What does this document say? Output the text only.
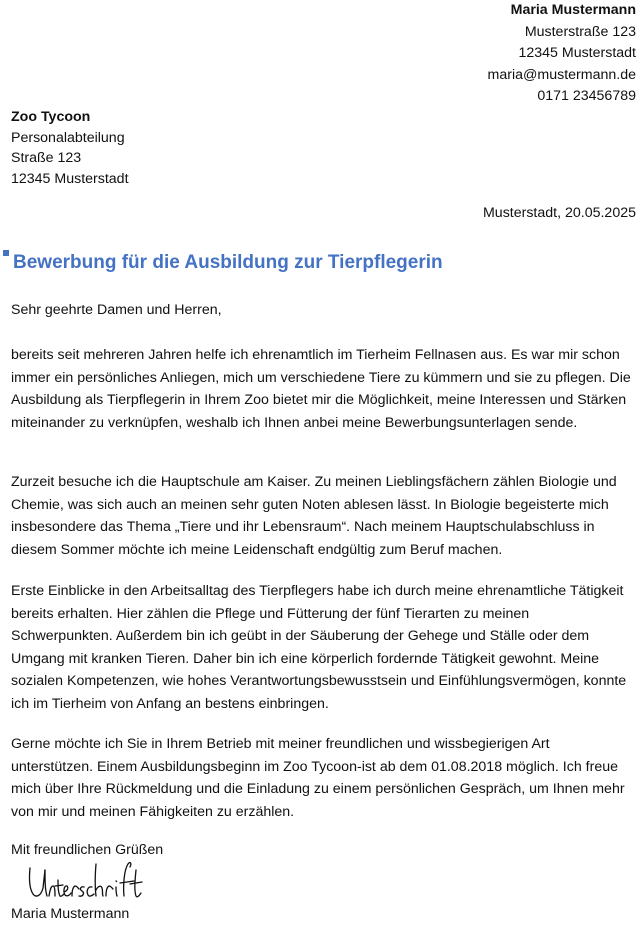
Maria Mustermann
Musterstraße 123
12345 Musterstadt
maria@mustermann.de
0171 23456789
Zoo Tycoon
Personalabteilung
Straße 123
12345 Musterstadt
Musterstadt, 20.05.2025
Bewerbung für die Ausbildung zur Tierpflegerin
Sehr geehrte Damen und Herren,
bereits seit mehreren Jahren helfe ich ehrenamtlich im Tierheim Fellnasen aus. Es war mir schon immer ein persönliches Anliegen, mich um verschiedene Tiere zu kümmern und sie zu pflegen. Die Ausbildung als Tierpflegerin in Ihrem Zoo bietet mir die Möglichkeit, meine Interessen und Stärken miteinander zu verknüpfen, weshalb ich Ihnen anbei meine Bewerbungsunterlagen sende.
Zurzeit besuche ich die Hauptschule am Kaiser. Zu meinen Lieblingsfächern zählen Biologie und Chemie, was sich auch an meinen sehr guten Noten ablesen lässt. In Biologie begeisterte mich insbesondere das Thema „Tiere und ihr Lebensraum“. Nach meinem Hauptschulabschluss in diesem Sommer möchte ich meine Leidenschaft endgültig zum Beruf machen.
Erste Einblicke in den Arbeitsalltag des Tierpflegers habe ich durch meine ehrenamtliche Tätigkeit bereits erhalten. Hier zählen die Pflege und Fütterung der fünf Tierarten zu meinen Schwerpunkten. Außerdem bin ich geübt in der Säuberung der Gehege und Ställe oder dem Umgang mit kranken Tieren. Daher bin ich eine körperlich fordernde Tätigkeit gewohnt. Meine sozialen Kompetenzen, wie hohes Verantwortungsbewusstsein und Einfühlungsvermögen, konnte ich im Tierheim von Anfang an bestens einbringen.
Gerne möchte ich Sie in Ihrem Betrieb mit meiner freundlichen und wissbegierigen Art unterstützen. Einem Ausbildungsbeginn im Zoo Tycoon-ist ab dem 01.08.2018 möglich. Ich freue mich über Ihre Rückmeldung und die Einladung zu einem persönlichen Gespräch, um Ihnen mehr von mir und meinen Fähigkeiten zu erzählen.
Mit freundlichen Grüßen
Maria Mustermann
